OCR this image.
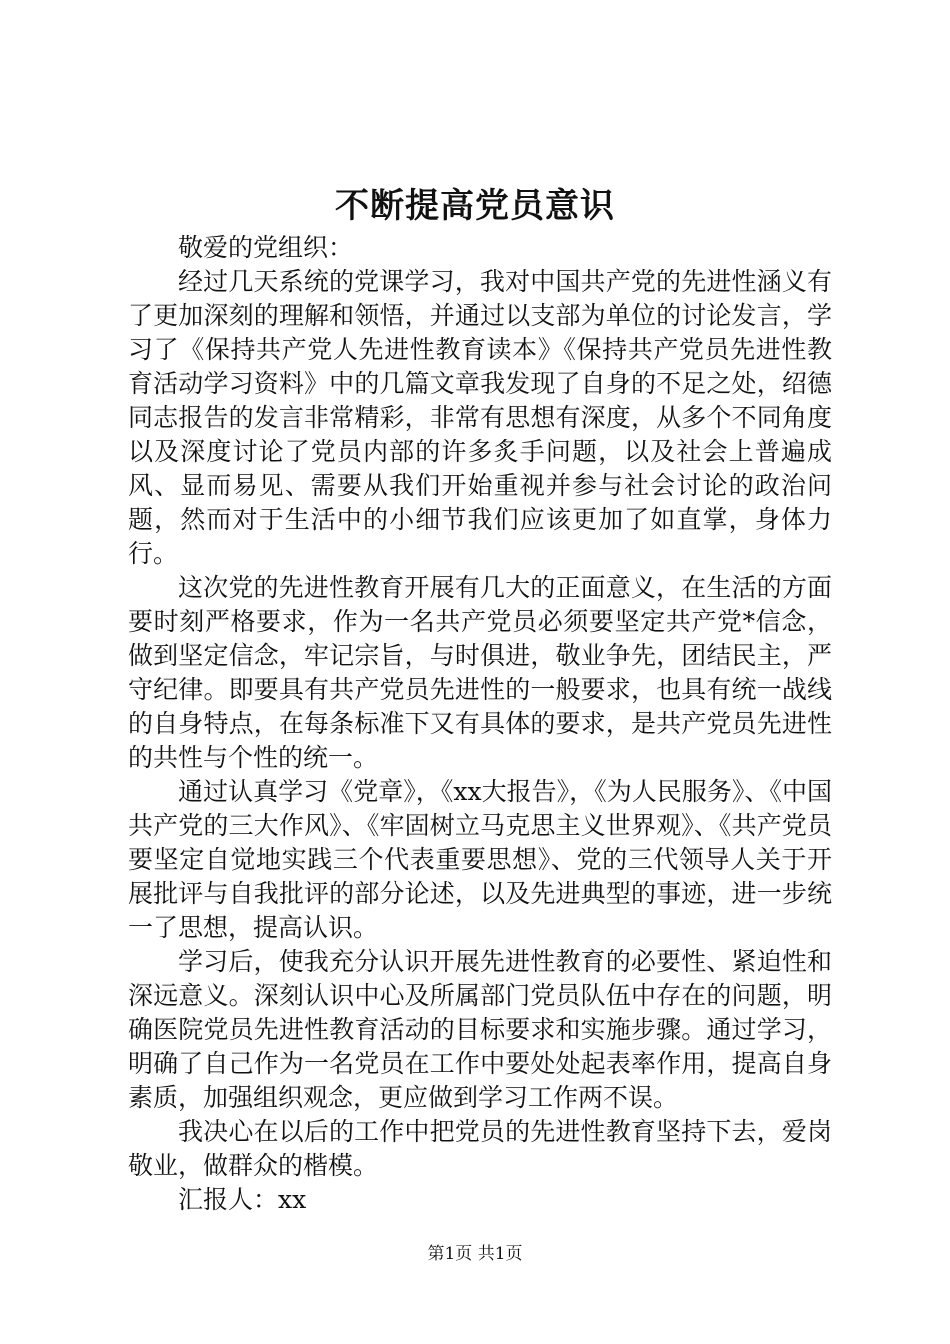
不断提高党员意识

敬爱的党组织：

经过几天系统的党课学习，我对中国共产党的先进性涵义有了更加深刻的理解和领悟，并通过以支部为单位的讨论发言，学习了《保持共产党人先进性教育读本》《保持共产党员先进性教育活动学习资料》中的几篇文章我发现了自身的不足之处，绍德同志报告的发言非常精彩，非常有思想有深度，从多个不同角度以及深度讨论了党员内部的许多炙手问题，以及社会上普遍成风、显而易见、需要从我们开始重视并参与社会讨论的政治问题，然而对于生活中的小细节我们应该更加了如直掌，身体力行。

这次党的先进性教育开展有几大的正面意义，在生活的方面要时刻严格要求，作为一名共产党员必须要坚定共产党*信念，做到坚定信念，牢记宗旨，与时俱进，敬业争先，团结民主，严守纪律。即要具有共产党员先进性的一般要求，也具有统一战线的自身特点，在每条标准下又有具体的要求，是共产党员先进性的共性与个性的统一。

通过认真学习《党章》，《xx大报告》，《为人民服务》、《中国共产党的三大作风》、《牢固树立马克思主义世界观》、《共产党员要坚定自觉地实践三个代表重要思想》、党的三代领导人关于开展批评与自我批评的部分论述，以及先进典型的事迹，进一步统一了思想，提高认识。

学习后，使我充分认识开展先进性教育的必要性、紧迫性和深远意义。深刻认识中心及所属部门党员队伍中存在的问题，明确医院党员先进性教育活动的目标要求和实施步骤。通过学习，明确了自己作为一名党员在工作中要处处起表率作用，提高自身素质，加强组织观念，更应做到学习工作两不误。

我决心在以后的工作中把党员的先进性教育坚持下去，爱岗敬业，做群众的楷模。

汇报人：xx

第1页 共1页
